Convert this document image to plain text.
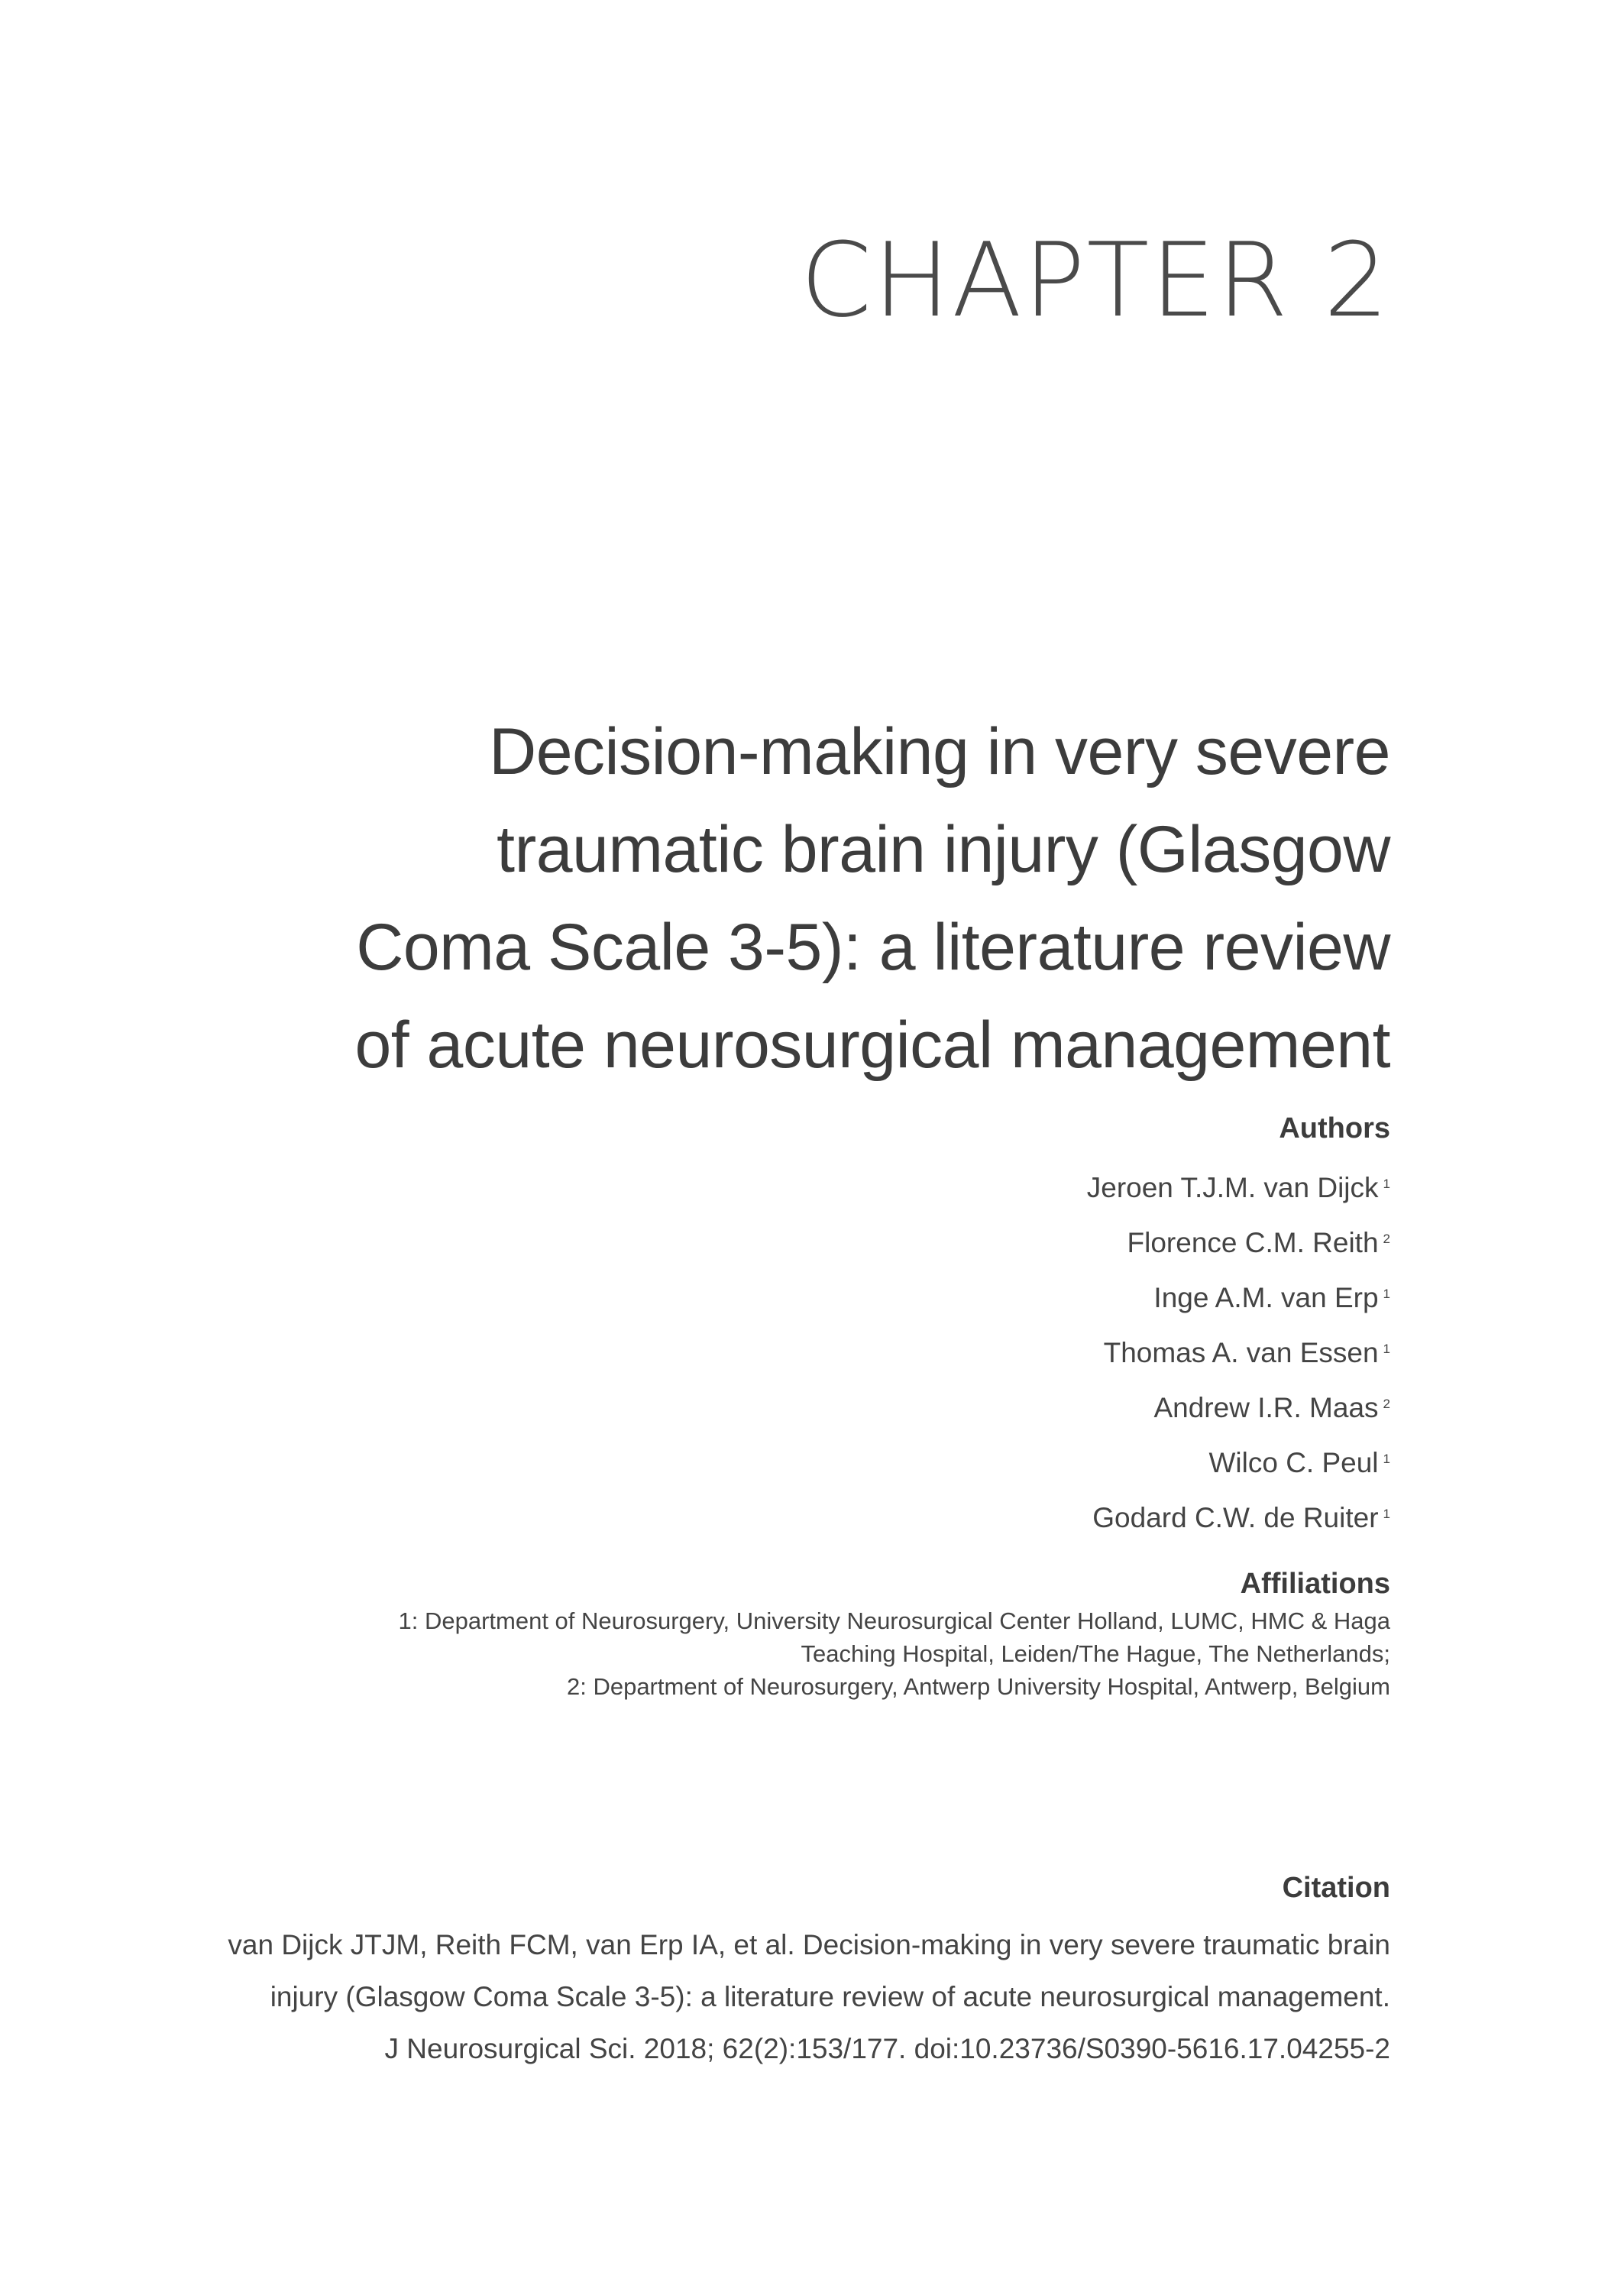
CHAPTER 2
Decision-making in very severe
traumatic brain injury (Glasgow
Coma Scale 3-5): a literature review
of acute neurosurgical management
Authors
Jeroen T.J.M. van Dijck $^1$
Florence C.M. Reith $^2$
Inge A.M. van Erp $^1$
Thomas A. van Essen $^1$
Andrew I.R. Maas $^2$
Wilco C. Peul $^1$
Godard C.W. de Ruiter $^1$
Affiliations
1: Department of Neurosurgery, University Neurosurgical Center Holland, LUMC, HMC & Haga
Teaching Hospital, Leiden/The Hague, The Netherlands;
2: Department of Neurosurgery, Antwerp University Hospital, Antwerp, Belgium
Citation
van Dijck JTJM, Reith FCM, van Erp IA, et al. Decision-making in very severe traumatic brain
injury (Glasgow Coma Scale 3-5): a literature review of acute neurosurgical management.
J Neurosurgical Sci. 2018; 62(2):153/177. doi:10.23736/S0390-5616.17.04255-2
